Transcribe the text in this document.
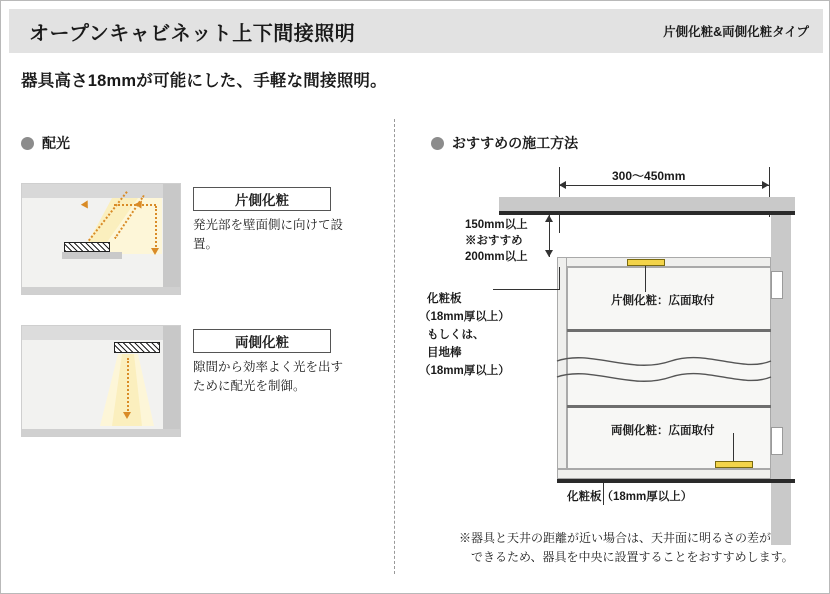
オープンキャビネット上下間接照明	片側化粧&両側化粧タイプ
器具高さ18mmが可能にした、手軽な間接照明。
配光	おすすめの施工方法
片側化粧
発光部を壁面側に向けて設置。
両側化粧
隙間から効率よく光を出すために配光を制御。
300〜450mm
150mm以上
※おすすめ
200mm以上
片側化粧：広面取付
両側化粧：広面取付
化粧板
（18mm厚以上）
もしくは、
目地棒
（18mm厚以上）
化粧板（18mm厚以上）
※器具と天井の距離が近い場合は、天井面に明るさの差が
できるため、器具を中央に設置することをおすすめします。
